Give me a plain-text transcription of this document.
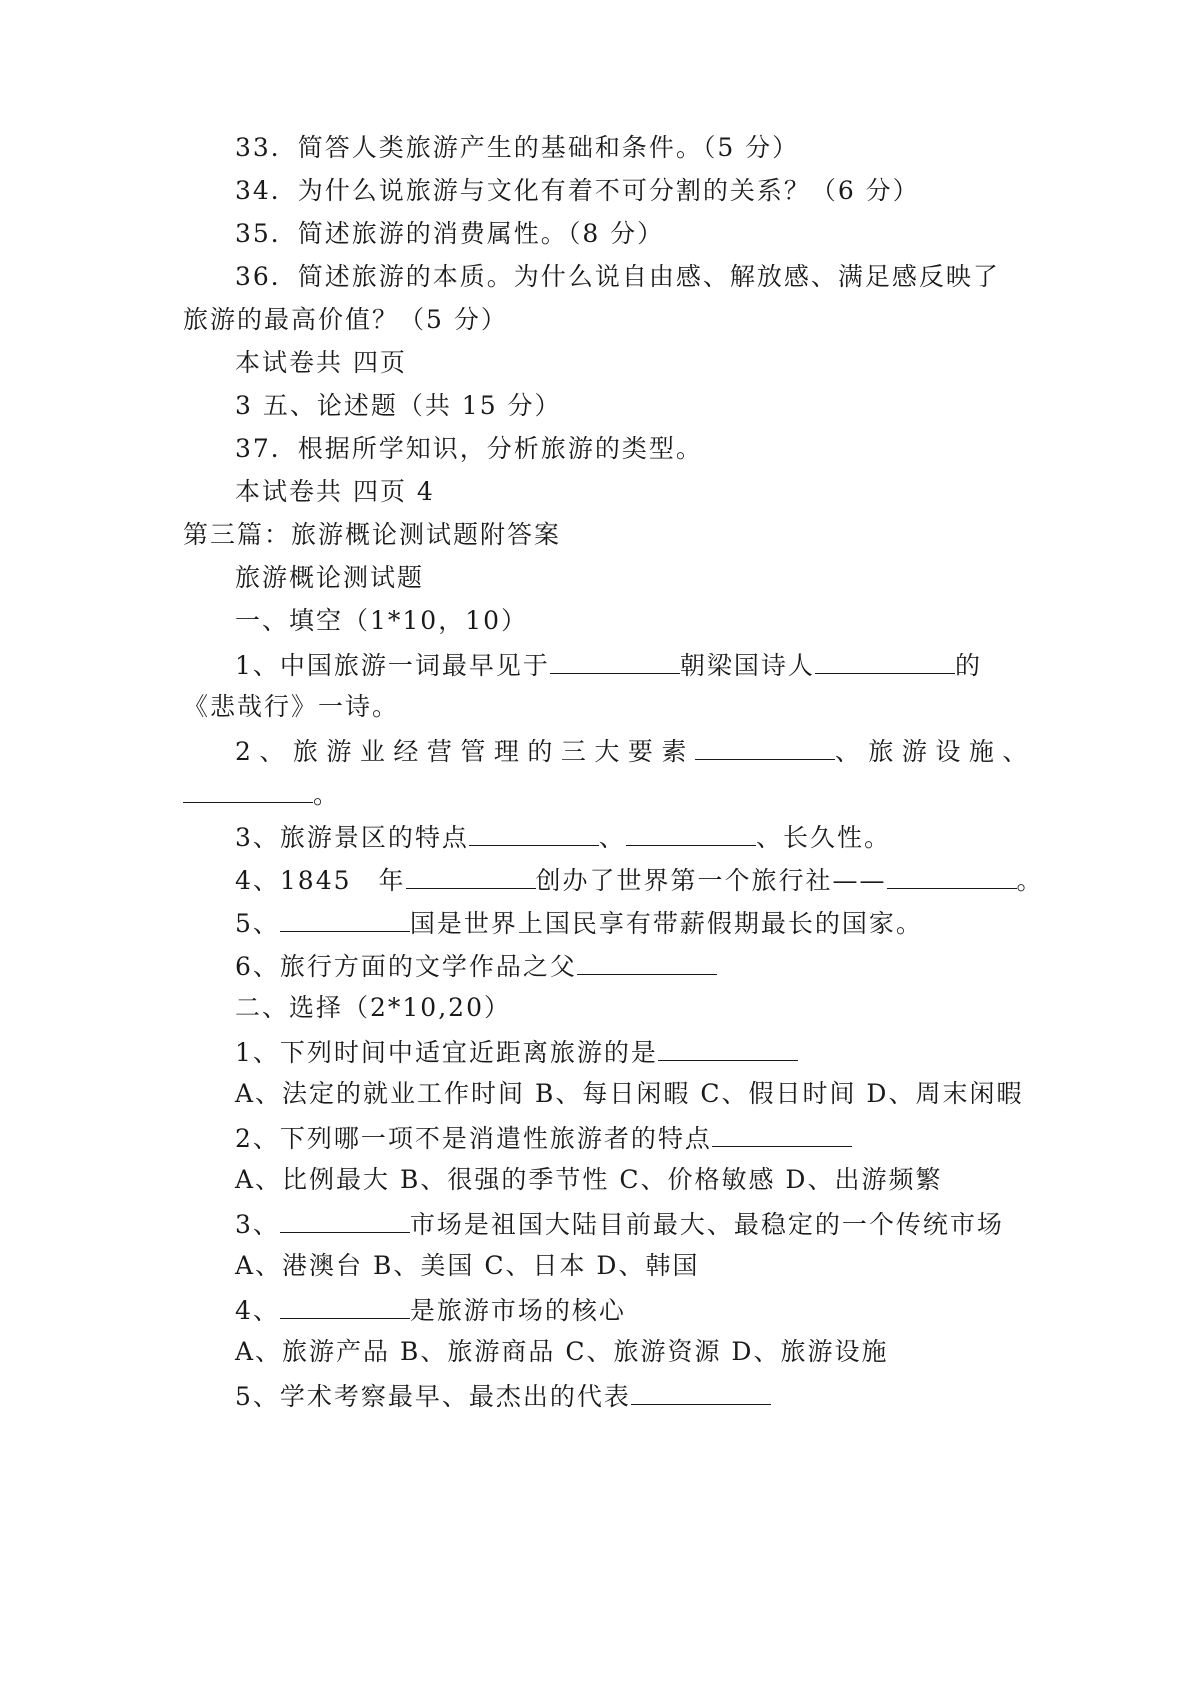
33．简答人类旅游产生的基础和条件。（5 分）
34．为什么说旅游与文化有着不可分割的关系？（6 分）
35．简述旅游的消费属性。（8 分）
36．简述旅游的本质。为什么说自由感、解放感、满足感反映了
旅游的最高价值？（5 分）
本试卷共 四页
3 五、论述题（共 15 分）
37．根据所学知识，分析旅游的类型。
本试卷共 四页 4
第三篇：旅游概论测试题附答案
旅游概论测试题
一、填空（1*10，10）
1、中国旅游一词最早见于	朝梁国诗人	的
《悲哉行》一诗。
2、旅游业经营管理的三大要素	、旅游设施、
。
3、旅游景区的特点	、	、长久性。
4、1845　年	创办了世界第一个旅行社——	。
5、	国是世界上国民享有带薪假期最长的国家。
6、旅行方面的文学作品之父
二、选择（2*10,20）
1、下列时间中适宜近距离旅游的是
A、法定的就业工作时间 B、每日闲暇 C、假日时间 D、周末闲暇
2、下列哪一项不是消遣性旅游者的特点
A、比例最大 B、很强的季节性 C、价格敏感 D、出游频繁
3、	市场是祖国大陆目前最大、最稳定的一个传统市场
A、港澳台 B、美国 C、日本 D、韩国
4、	是旅游市场的核心
A、旅游产品 B、旅游商品 C、旅游资源 D、旅游设施
5、学术考察最早、最杰出的代表
